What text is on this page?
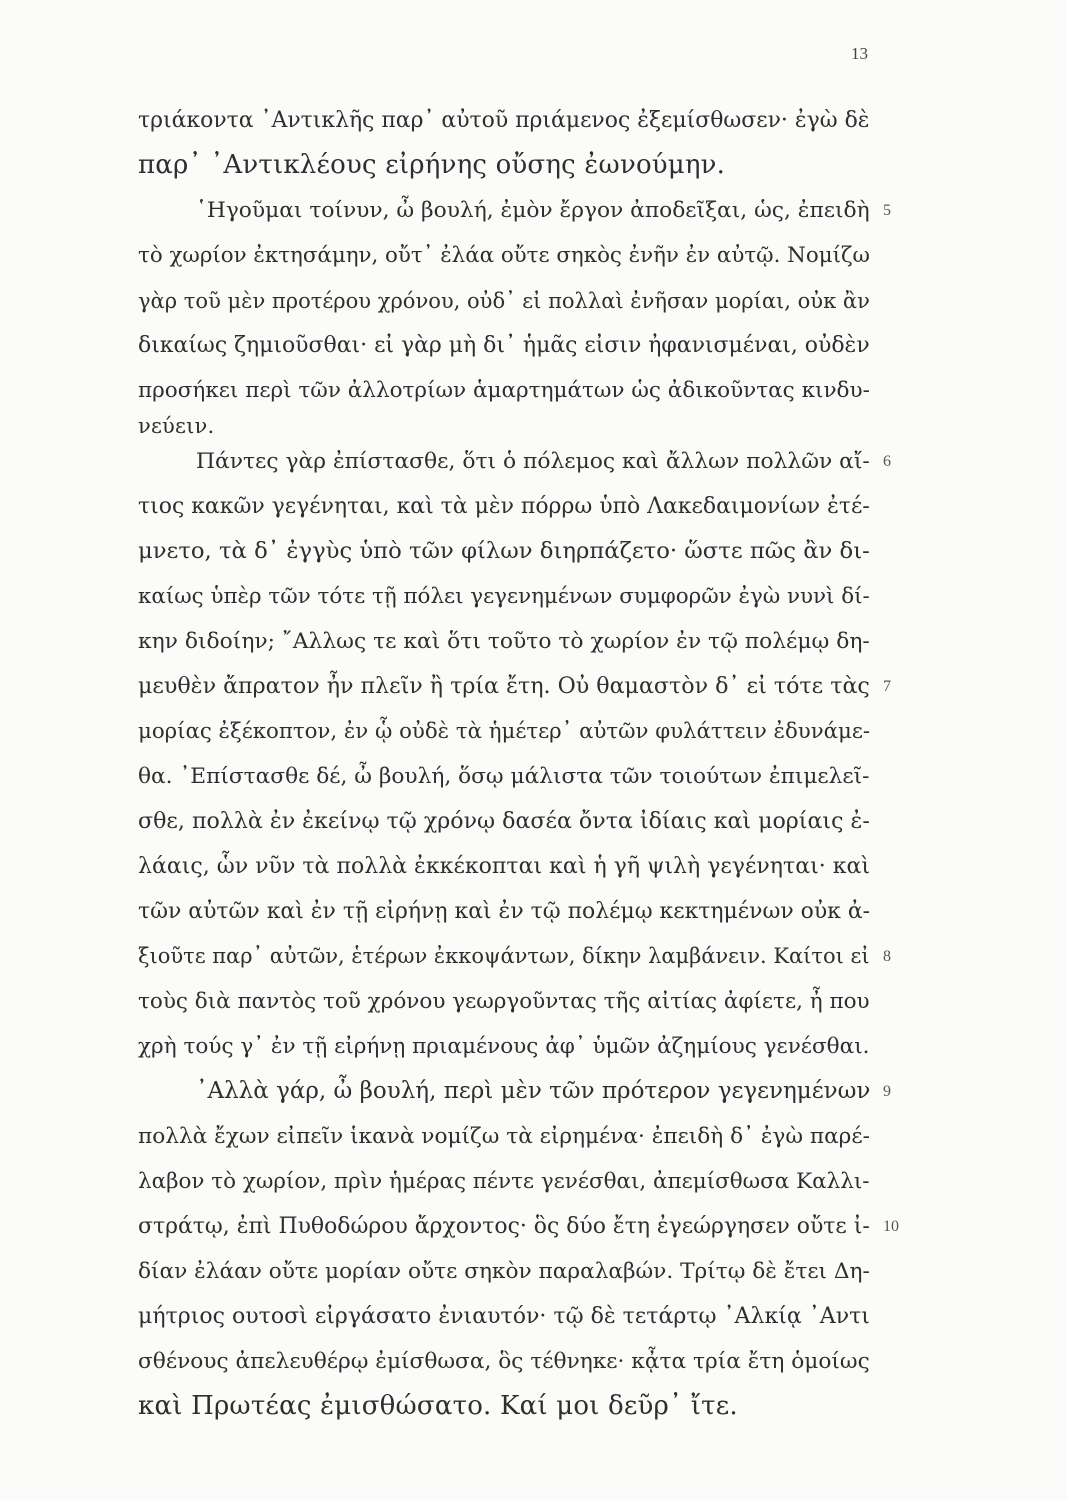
13
τριάκοντα ᾿Αντικλῆς παρ᾿ αὐτοῦ πριάμενος ἐξεμίσθωσεν· ἐγὼ δὲ
παρ᾿ ᾿Αντικλέους εἰρήνης οὔσης ἐωνούμην.
῾Ηγοῦμαι τοίνυν, ὦ βουλή, ἐμὸν ἔργον ἀποδεῖξαι, ὡς, ἐπειδὴ
τὸ χωρίον ἐκτησάμην, οὔτ᾿ ἐλάα οὔτε σηκὸς ἐνῆν ἐν αὐτῷ. Νομίζω
γὰρ τοῦ μὲν προτέρου χρόνου, οὐδ᾿ εἰ πολλαὶ ἐνῆσαν μορίαι, οὐκ ἂν
δικαίως ζημιοῦσθαι· εἰ γὰρ μὴ δι᾿ ἡμᾶς εἰσιν ἠφανισμέναι, οὐδὲν
προσήκει περὶ τῶν ἀλλοτρίων ἁμαρτημάτων ὡς ἀδικοῦντας κινδυ-
νεύειν.
Πάντες γὰρ ἐπίστασθε, ὅτι ὁ πόλεμος καὶ ἄλλων πολλῶν αἴ-
τιος κακῶν γεγένηται, καὶ τὰ μὲν πόρρω ὑπὸ Λακεδαιμονίων ἐτέ-
μνετο, τὰ δ᾿ ἐγγὺς ὑπὸ τῶν φίλων διηρπάζετο· ὥστε πῶς ἂν δι-
καίως ὑπὲρ τῶν τότε τῇ πόλει γεγενημένων συμφορῶν ἐγὼ νυνὶ δί-
κην διδοίην; ῎Αλλως τε καὶ ὅτι τοῦτο τὸ χωρίον ἐν τῷ πολέμῳ δη-
μευθὲν ἄπρατον ἦν πλεῖν ἢ τρία ἔτη. Οὐ θαμαστὸν δ᾿ εἰ τότε τὰς
μορίας ἐξέκοπτον, ἐν ᾧ οὐδὲ τὰ ἡμέτερ᾿ αὐτῶν φυλάττειν ἐδυνάμε-
θα. ᾿Επίστασθε δέ, ὦ βουλή, ὅσῳ μάλιστα τῶν τοιούτων ἐπιμελεῖ-
σθε, πολλὰ ἐν ἐκείνῳ τῷ χρόνῳ δασέα ὄντα ἰδίαις καὶ μορίαις ἐ-
λάαις, ὧν νῦν τὰ πολλὰ ἐκκέκοπται καὶ ἡ γῆ ψιλὴ γεγένηται· καὶ
τῶν αὐτῶν καὶ ἐν τῇ εἰρήνῃ καὶ ἐν τῷ πολέμῳ κεκτημένων οὐκ ἀ-
ξιοῦτε παρ᾿ αὐτῶν, ἑτέρων ἐκκοψάντων, δίκην λαμβάνειν. Καίτοι εἰ
τοὺς διὰ παντὸς τοῦ χρόνου γεωργοῦντας τῆς αἰτίας ἀφίετε, ἦ που
χρὴ τούς γ᾿ ἐν τῇ εἰρήνῃ πριαμένους ἀφ᾿ ὑμῶν ἀζημίους γενέσθαι.
᾿Αλλὰ γάρ, ὦ βουλή, περὶ μὲν τῶν πρότερον γεγενημένων
πολλὰ ἔχων εἰπεῖν ἱκανὰ νομίζω τὰ εἰρημένα· ἐπειδὴ δ᾿ ἐγὼ παρέ-
λαβον τὸ χωρίον, πρὶν ἡμέρας πέντε γενέσθαι, ἀπεμίσθωσα Καλλι-
στράτῳ, ἐπὶ Πυθοδώρου ἄρχοντος· ὃς δύο ἔτη ἐγεώργησεν οὔτε ἰ-
δίαν ἐλάαν οὔτε μορίαν οὔτε σηκὸν παραλαβών. Τρίτῳ δὲ ἔτει Δη-
μήτριος ουτοσὶ εἰργάσατο ἐνιαυτόν· τῷ δὲ τετάρτῳ ᾿Αλκίᾳ ᾿Αντι
σθένους ἀπελευθέρῳ ἐμίσθωσα, ὃς τέθνηκε· κᾆτα τρία ἔτη ὁμοίως
καὶ Πρωτέας ἐμισθώσατο. Καί μοι δεῦρ᾿ ἴτε.
5
6
7
8
9
10
